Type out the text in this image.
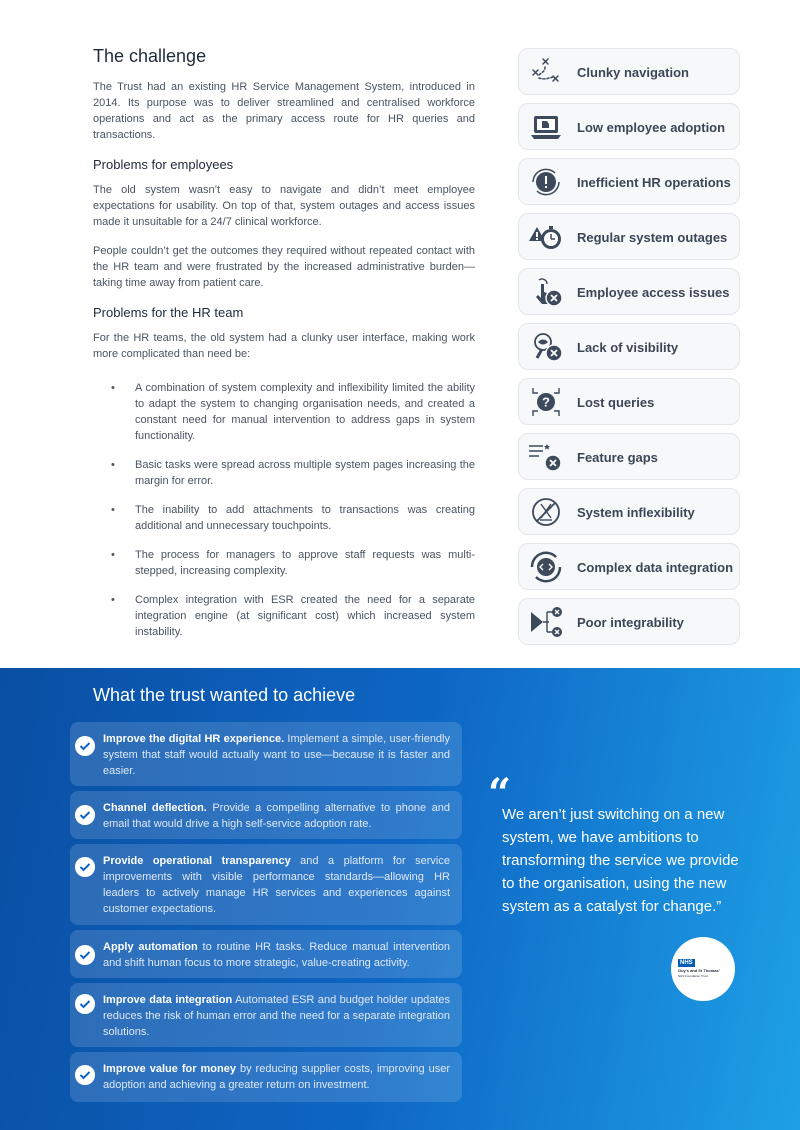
The challenge

The Trust had an existing HR Service Management System, introduced in 2014. Its purpose was to deliver streamlined and centralised workforce operations and act as the primary access route for HR queries and transactions.

Problems for employees

The old system wasn’t easy to navigate and didn’t meet employee expectations for usability. On top of that, system outages and access issues made it unsuitable for a 24/7 clinical workforce.

People couldn’t get the outcomes they required without repeated contact with the HR team and were frustrated by the increased administrative burden—taking time away from patient care.

Problems for the HR team

For the HR teams, the old system had a clunky user interface, making work more complicated than need be:

• A combination of system complexity and inflexibility limited the ability to adapt the system to changing organisation needs, and created a constant need for manual intervention to address gaps in system functionality.
• Basic tasks were spread across multiple system pages increasing the margin for error.
• The inability to add attachments to transactions was creating additional and unnecessary touchpoints.
• The process for managers to approve staff requests was multi-stepped, increasing complexity.
• Complex integration with ESR created the need for a separate integration engine (at significant cost) which increased system instability.
Clunky navigation
Low employee adoption
Inefficient HR operations
Regular system outages
Employee access issues
Lack of visibility
? Lost queries
Feature gaps
System inflexibility
Complex data integration
Poor integrability
What the trust wanted to achieve
Improve the digital HR experience. Implement a simple, user-friendly system that staff would actually want to use—because it is faster and easier.
Channel deflection. Provide a compelling alternative to phone and email that would drive a high self-service adoption rate.
Provide operational transparency and a platform for service improvements with visible performance standards—allowing HR leaders to actively manage HR services and experiences against customer expectations.
Apply automation to routine HR tasks. Reduce manual intervention and shift human focus to more strategic, value-creating activity.
Improve data integration Automated ESR and budget holder updates reduces the risk of human error and the need for a separate integration solutions.
Improve value for money by reducing supplier costs, improving user adoption and achieving a greater return on investment.
“
We aren’t just switching on a new system, we have ambitions to transforming the service we provide to the organisation, using the new system as a catalyst for change.”
NHS
Guy’s and St Thomas’
NHS Foundation Trust
